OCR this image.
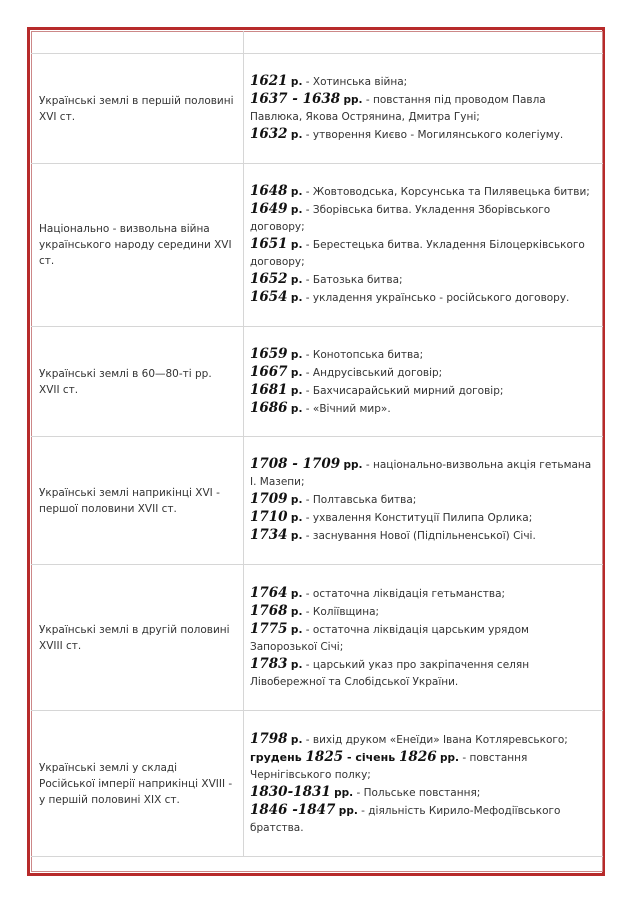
Українські землі в першій половині XVІ ст.

1621 р. - Хотинська війна;

1637 - 1638 рр. - повстання під проводом Павла Павлюка, Якова Острянина, Дмитра Гуні;

1632 р. - утворення Києво - Могилянського колегіуму.

Національно - визвольна війна українського народу середини XVІ ст.

1648 р. - Жовтоводська, Корсунська та Пилявецька битви;

1649 р. - Зборівська битва. Укладення Зборівського договору;

1651 р. - Берестецька битва. Укладення Білоцерківського договору;

1652 р. - Батозька битва;

1654 р. - укладення українсько - російського договору.

Українські землі в 60—80-ті рр. XVII ст.

1659 р. - Конотопська битва;

1667 р. - Андрусівський договір;

1681 р. - Бахчисарайський мирний договір;

1686 р. - «Вічний мир».

Українські землі наприкінці XVІ - першої половини XVІІ ст.

1708 - 1709 рр. - національно-визвольна акція гетьмана І. Мазепи;

1709 р. - Полтавська битва;

1710 р. - ухвалення Конституції Пилипа Орлика;

1734 р. - заснування Нової (Підпільненської) Січі.

Українські землі в другій половині XVIII ст.

1764 р. - остаточна ліквідація гетьманства;

1768 р. - Коліївщина;

1775 р. - остаточна ліквідація царським урядом Запорозької Січі;

1783 р. - царський указ про закріпачення селян Лівобережної та Слобідської України.

Українські землі у складі Російської імперії наприкінці XVІІІ - у першій половині XIX ст.

1798 р. - вихід друком «Енеїди» Івана Котляревського;

грудень 1825 - січень 1826 рр. - повстання Чернігівського полку;

1830-1831 рр. - Польське повстання;

1846 -1847 рр. - діяльність Кирило-Мефодіївського братства.
